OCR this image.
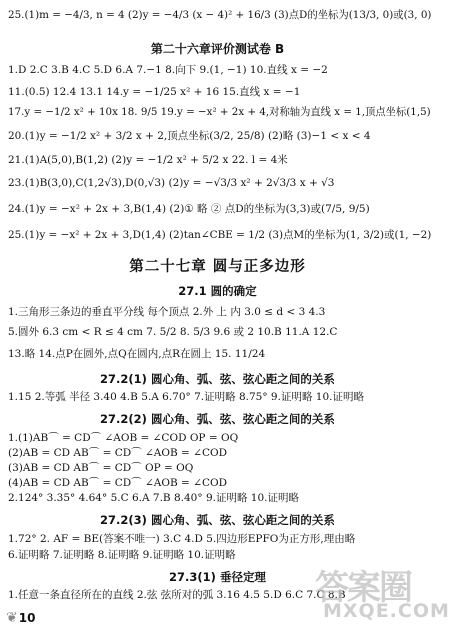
25.(1)m = −4/3, n = 4 (2)y = −4/3 (x − 4)² + 16/3 (3)点D的坐标为(13/3, 0)或(3, 0)
第二十六章评价测试卷 B
1.D 2.C 3.B 4.C 5.D 6.A 7.−1 8.向下 9.(1, −1) 10.直线 x = −2
11.(0.5) 12.4 13.1 14.y = −1/25 x² + 16 15.直线 x = −1
17.y = −1/2 x² + 10x 18. 9/5 19.y = −x² + 2x + 4,对称轴为直线 x = 1,顶点坐标(1,5)
20.(1)y = −1/2 x² + 3/2 x + 2,顶点坐标(3/2, 25/8) (2)略 (3)−1 < x < 4
21.(1)A(5,0),B(1,2) (2)y = −1/2 x² + 5/2 x 22. l = 4米
23.(1)B(3,0),C(1,2√3),D(0,√3) (2)y = −√3/3 x² + 2√3/3 x + √3
24.(1)y = −x² + 2x + 3,B(1,4) (2)① 略 ② 点D的坐标为(3,3)或(7/5, 9/5)
25.(1)y = −x² + 2x + 3,D(1,4) (2)tan∠CBE = 1/2 (3)点M的坐标为(1, 3/2)或(1, −2)
第二十七章 圆与正多边形
27.1 圆的确定
1.三角形三条边的垂直平分线 每个顶点 2.外 上 内 3.0 ≤ d < 3 4.3
5.圆外 6.3 cm < R ≤ 4 cm 7. 5/2 8. 5/3 9.6 或 2 10.B 11.A 12.C
13.略 14.点P在圆外,点Q在圆内,点R在圆上 15. 11/24
27.2(1) 圆心角、弧、弦、弦心距之间的关系
1.15 2.等弧 半径 3.40 4.B 5.A 6.70° 7.证明略 8.75° 9.证明略 10.证明略
27.2(2) 圆心角、弧、弦、弦心距之间的关系
1.(1)AB⌒ = CD⌒ ∠AOB = ∠COD OP = OQ
(2)AB = CD AB⌒ = CD⌒ ∠AOB = ∠COD
(3)AB = CD AB⌒ = CD⌒ OP = OQ
(4)AB = CD AB⌒ = CD⌒ ∠AOB = ∠COD
2.124° 3.35° 4.64° 5.C 6.A 7.B 8.40° 9.证明略 10.证明略
27.2(3) 圆心角、弧、弦、弦心距之间的关系
1.72° 2. AF = BE(答案不唯一) 3.C 4.D 5.四边形EPFO为正方形,理由略
6.证明略 7.证明略 8.证明略 9.证明略 10.证明略
27.3(1) 垂径定理
1.任意一条直径所在的直线 2.弦 弦所对的弧 3.16 4.5 5.D 6.C 7.C 8.B
❦10
答案圈
MXQE.COM
